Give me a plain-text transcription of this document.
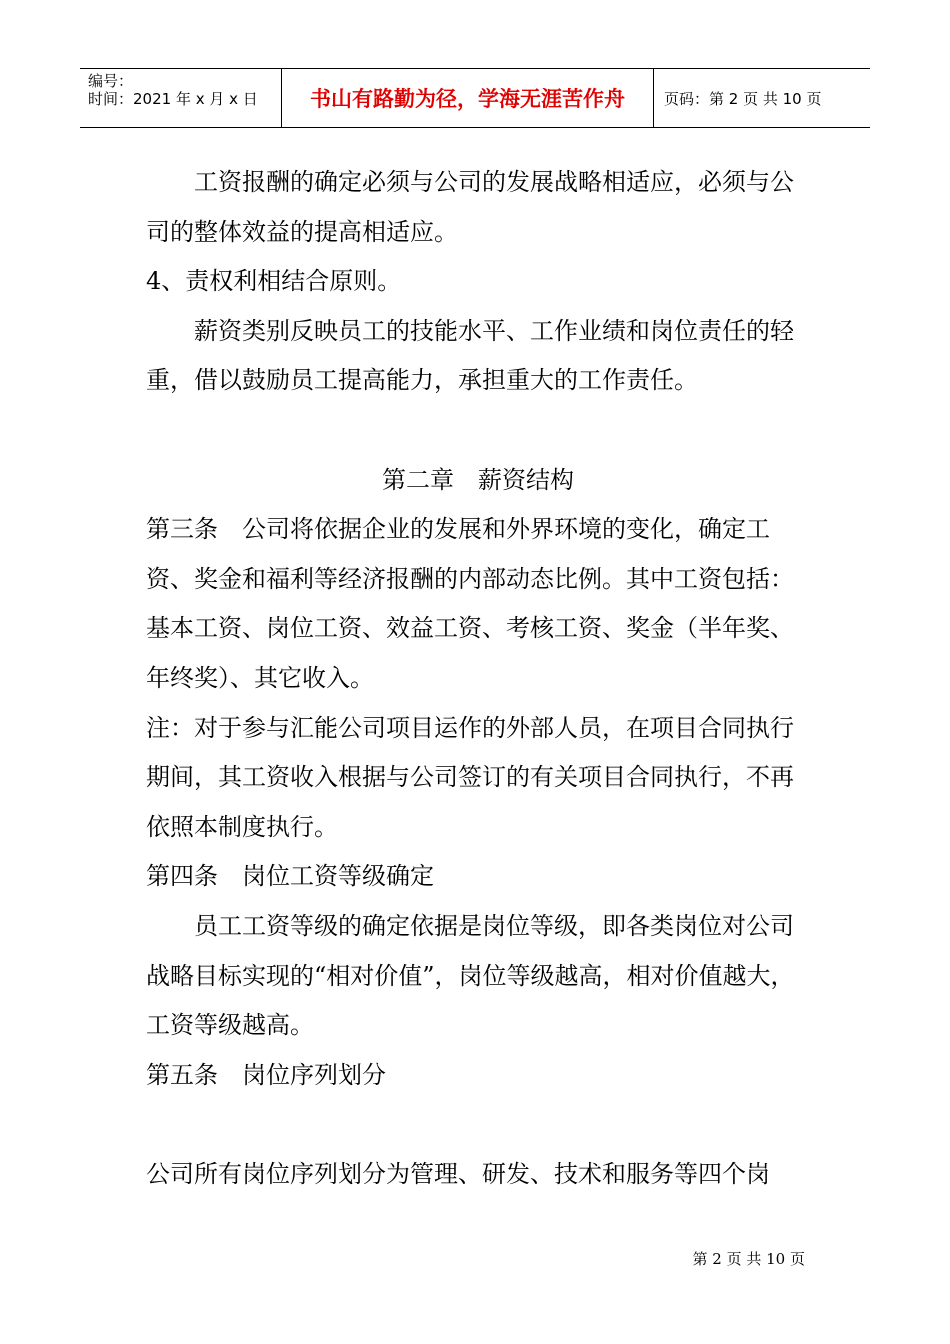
编号：
时间：2021 年 x 月 x 日	书山有路勤为径，学海无涯苦作舟	页码：第 2 页 共 10 页

工资报酬的确定必须与公司的发展战略相适应，必须与公司的整体效益的提高相适应。

4、责权利相结合原则。

薪资类别反映员工的技能水平、工作业绩和岗位责任的轻重，借以鼓励员工提高能力，承担重大的工作责任。

第二章　薪资结构

第三条　公司将依据企业的发展和外界环境的变化，确定工资、奖金和福利等经济报酬的内部动态比例。其中工资包括：基本工资、岗位工资、效益工资、考核工资、奖金（半年奖、年终奖）、其它收入。

注：对于参与汇能公司项目运作的外部人员，在项目合同执行期间，其工资收入根据与公司签订的有关项目合同执行，不再依照本制度执行。

第四条　岗位工资等级确定

员工工资等级的确定依据是岗位等级，即各类岗位对公司战略目标实现的“相对价值”，岗位等级越高，相对价值越大，工资等级越高。

第五条　岗位序列划分

公司所有岗位序列划分为管理、研发、技术和服务等四个岗

第 2 页 共 10 页
